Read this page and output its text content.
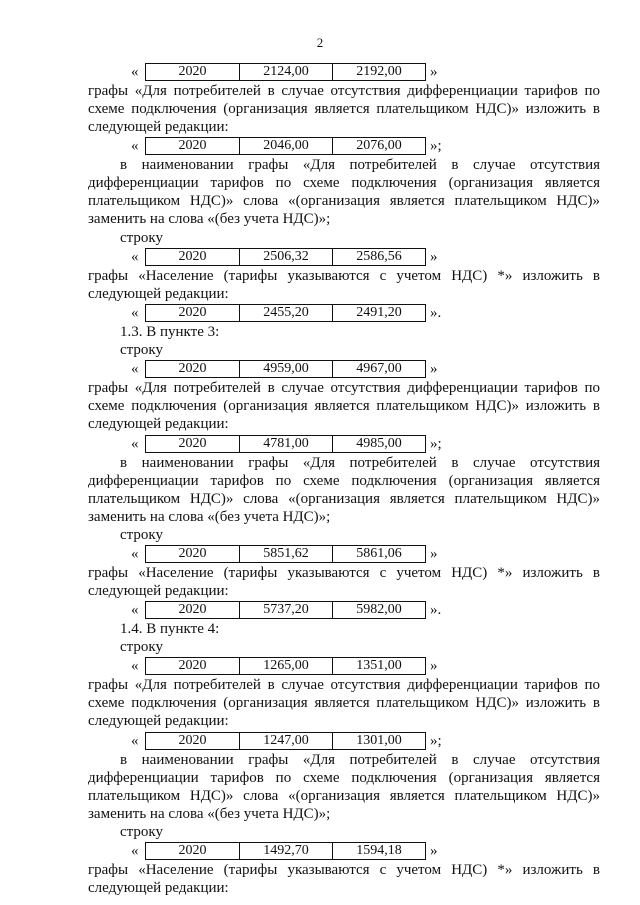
2
«	2020	2124,00	2192,00	»
графы «Для потребителей в случае отсутствия дифференциации тарифов по
схеме подключения (организация является плательщиком НДС)» изложить в
следующей редакции:
«	2020	2046,00	2076,00	»;
в наименовании графы «Для потребителей в случае отсутствия
дифференциации тарифов по схеме подключения (организация является
плательщиком НДС)» слова «(организация является плательщиком НДС)»
заменить на слова «(без учета НДС)»;
строку
«	2020	2506,32	2586,56	»
графы «Население (тарифы указываются с учетом НДС) *» изложить в
следующей редакции:
«	2020	2455,20	2491,20	».
1.3. В пункте 3:
строку
«	2020	4959,00	4967,00	»
графы «Для потребителей в случае отсутствия дифференциации тарифов по
схеме подключения (организация является плательщиком НДС)» изложить в
следующей редакции:
«	2020	4781,00	4985,00	»;
в наименовании графы «Для потребителей в случае отсутствия
дифференциации тарифов по схеме подключения (организация является
плательщиком НДС)» слова «(организация является плательщиком НДС)»
заменить на слова «(без учета НДС)»;
строку
«	2020	5851,62	5861,06	»
графы «Население (тарифы указываются с учетом НДС) *» изложить в
следующей редакции:
«	2020	5737,20	5982,00	».
1.4. В пункте 4:
строку
«	2020	1265,00	1351,00	»
графы «Для потребителей в случае отсутствия дифференциации тарифов по
схеме подключения (организация является плательщиком НДС)» изложить в
следующей редакции:
«	2020	1247,00	1301,00	»;
в наименовании графы «Для потребителей в случае отсутствия
дифференциации тарифов по схеме подключения (организация является
плательщиком НДС)» слова «(организация является плательщиком НДС)»
заменить на слова «(без учета НДС)»;
строку
«	2020	1492,70	1594,18	»
графы «Население (тарифы указываются с учетом НДС) *» изложить в
следующей редакции:
